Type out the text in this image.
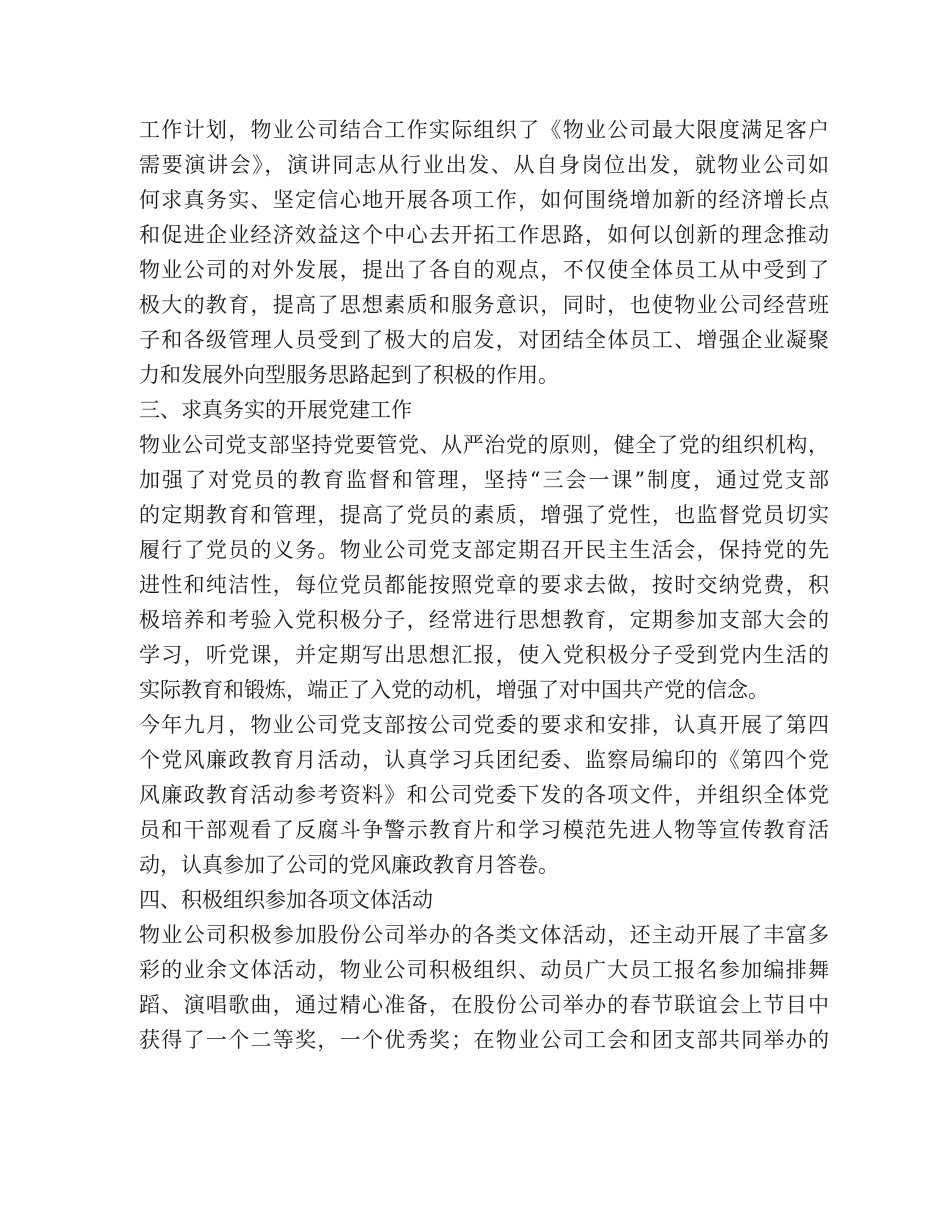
工作计划，物业公司结合工作实际组织了《物业公司最大限度满足客户
需要演讲会》，演讲同志从行业出发、从自身岗位出发，就物业公司如
何求真务实、坚定信心地开展各项工作，如何围绕增加新的经济增长点
和促进企业经济效益这个中心去开拓工作思路，如何以创新的理念推动
物业公司的对外发展，提出了各自的观点，不仅使全体员工从中受到了
极大的教育，提高了思想素质和服务意识，同时，也使物业公司经营班
子和各级管理人员受到了极大的启发，对团结全体员工、增强企业凝聚
力和发展外向型服务思路起到了积极的作用。
三、求真务实的开展党建工作
物业公司党支部坚持党要管党、从严治党的原则，健全了党的组织机构，
加强了对党员的教育监督和管理，坚持“三会一课”制度，通过党支部
的定期教育和管理，提高了党员的素质，增强了党性，也监督党员切实
履行了党员的义务。物业公司党支部定期召开民主生活会，保持党的先
进性和纯洁性，每位党员都能按照党章的要求去做，按时交纳党费，积
极培养和考验入党积极分子，经常进行思想教育，定期参加支部大会的
学习，听党课，并定期写出思想汇报，使入党积极分子受到党内生活的
实际教育和锻炼，端正了入党的动机，增强了对中国共产党的信念。
今年九月，物业公司党支部按公司党委的要求和安排，认真开展了第四
个党风廉政教育月活动，认真学习兵团纪委、监察局编印的《第四个党
风廉政教育活动参考资料》和公司党委下发的各项文件，并组织全体党
员和干部观看了反腐斗争警示教育片和学习模范先进人物等宣传教育活
动，认真参加了公司的党风廉政教育月答卷。
四、积极组织参加各项文体活动
物业公司积极参加股份公司举办的各类文体活动，还主动开展了丰富多
彩的业余文体活动，物业公司积极组织、动员广大员工报名参加编排舞
蹈、演唱歌曲，通过精心准备，在股份公司举办的春节联谊会上节目中
获得了一个二等奖，一个优秀奖；在物业公司工会和团支部共同举办的
